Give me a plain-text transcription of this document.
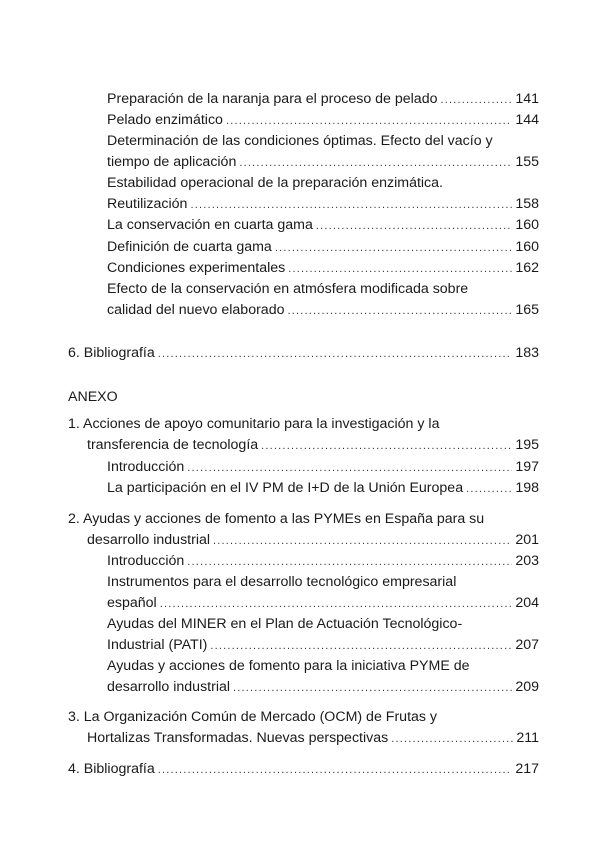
Preparación de la naranja para el proceso de pelado .....	141
Pelado enzimático .....	144
Determinación de las condiciones óptimas. Efecto del vacío y
tiempo de aplicación .....	155
Estabilidad operacional de la preparación enzimática.
Reutilización .....	158
La conservación en cuarta gama .....	160
Definición de cuarta gama .....	160
Condiciones experimentales .....	162
Efecto de la conservación en atmósfera modificada sobre
calidad del nuevo elaborado .....	165
6. Bibliografía .....	183
ANEXO
1. Acciones de apoyo comunitario para la investigación y la
transferencia de tecnología .....	195
Introducción .....	197
La participación en el IV PM de I+D de la Unión Europea .....	198
2. Ayudas y acciones de fomento a las PYMEs en España para su
desarrollo industrial .....	201
Introducción .....	203
Instrumentos para el desarrollo tecnológico empresarial
español .....	204
Ayudas del MINER en el Plan de Actuación Tecnológico-
Industrial (PATI) .....	207
Ayudas y acciones de fomento para la iniciativa PYME de
desarrollo industrial .....	209
3. La Organización Común de Mercado (OCM) de Frutas y
Hortalizas Transformadas. Nuevas perspectivas .....	211
4. Bibliografía .....	217
